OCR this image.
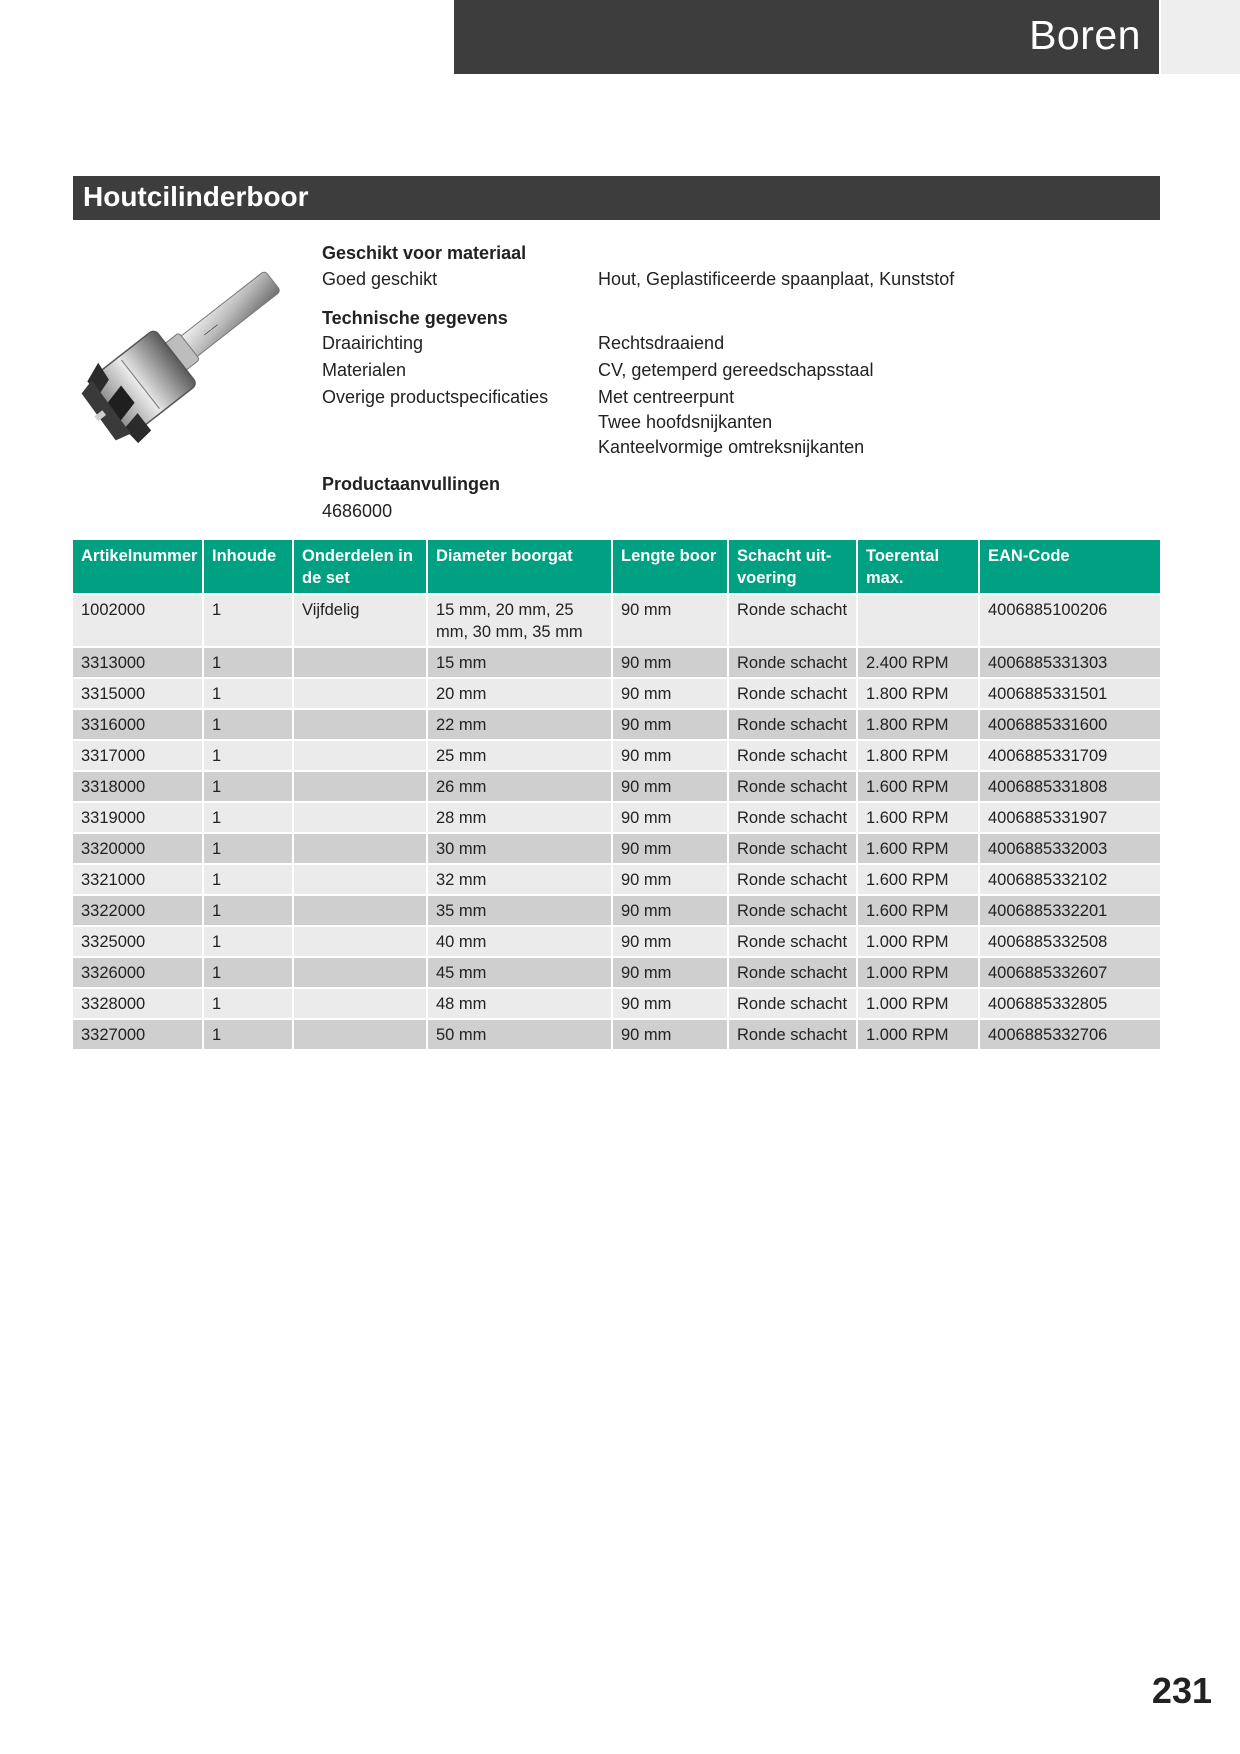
Boren
Houtcilinderboor
——
Geschikt voor materiaal
Goed geschikt	Hout, Geplastificeerde spaanplaat, Kunststof
Technische gegevens
Draairichting	Rechtsdraaiend
Materialen	CV, getemperd gereedschapsstaal
Overige productspecificaties	Met centreerpunt
Twee hoofdsnijkanten
Kanteelvormige omtreksnijkanten
Productaanvullingen
4686000
Artikelnummer	Inhoude	Onderdelen in de set	Diameter boorgat	Lengte boor	Schacht uit-voering	Toerental max.	EAN-Code
1002000	1	Vijfdelig	15 mm, 20 mm, 25 mm, 30 mm, 35 mm	90 mm	Ronde schacht		4006885100206
3313000	1		15 mm	90 mm	Ronde schacht	2.400 RPM	4006885331303
3315000	1		20 mm	90 mm	Ronde schacht	1.800 RPM	4006885331501
3316000	1		22 mm	90 mm	Ronde schacht	1.800 RPM	4006885331600
3317000	1		25 mm	90 mm	Ronde schacht	1.800 RPM	4006885331709
3318000	1		26 mm	90 mm	Ronde schacht	1.600 RPM	4006885331808
3319000	1		28 mm	90 mm	Ronde schacht	1.600 RPM	4006885331907
3320000	1		30 mm	90 mm	Ronde schacht	1.600 RPM	4006885332003
3321000	1		32 mm	90 mm	Ronde schacht	1.600 RPM	4006885332102
3322000	1		35 mm	90 mm	Ronde schacht	1.600 RPM	4006885332201
3325000	1		40 mm	90 mm	Ronde schacht	1.000 RPM	4006885332508
3326000	1		45 mm	90 mm	Ronde schacht	1.000 RPM	4006885332607
3328000	1		48 mm	90 mm	Ronde schacht	1.000 RPM	4006885332805
3327000	1		50 mm	90 mm	Ronde schacht	1.000 RPM	4006885332706
231
